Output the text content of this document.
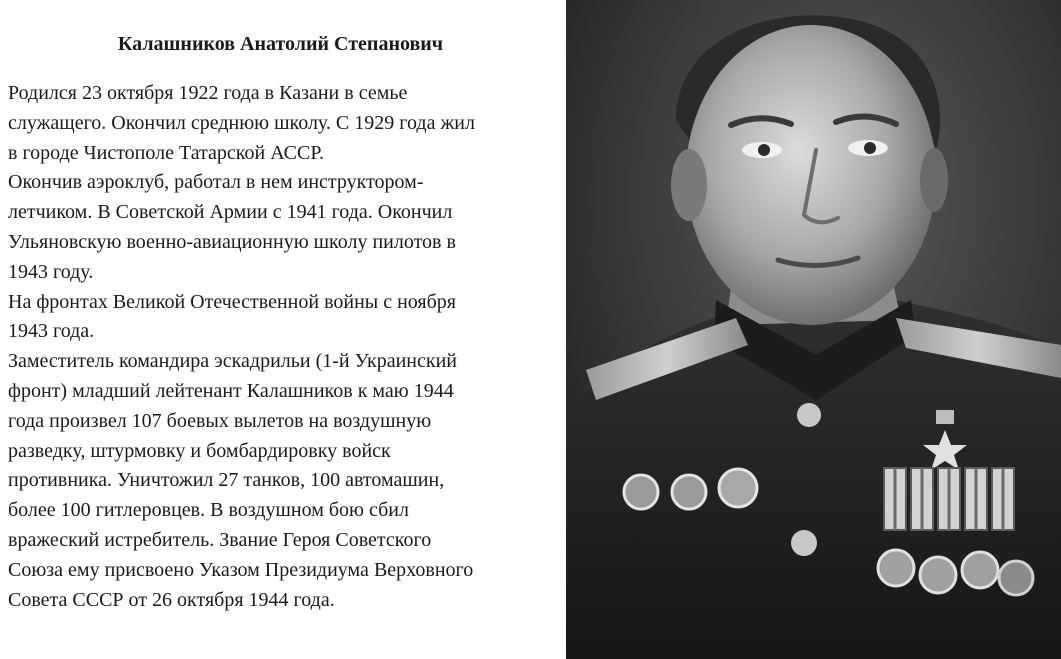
Калашников Анатолий Степанович
Родился 23 октября 1922 года в Казани в семье
служащего. Окончил среднюю школу. С 1929 года жил
в городе Чистополе Татарской АССР.
Окончив аэроклуб, работал в нем инструктором-
летчиком. В Советской Армии с 1941 года. Окончил
Ульяновскую военно-авиационную школу пилотов в
1943 году.
На фронтах Великой Отечественной войны с ноября
1943 года.
Заместитель командира эскадрильи (1-й Украинский
фронт) младший лейтенант Калашников к маю 1944
года произвел 107 боевых вылетов на воздушную
разведку, штурмовку и бомбардировку войск
противника. Уничтожил 27 танков, 100 автомашин,
более 100 гитлеровцев. В воздушном бою сбил
вражеский истребитель. Звание Героя Советского
Союза ему присвоено Указом Президиума Верховного
Совета СССР от 26 октября 1944 года.
